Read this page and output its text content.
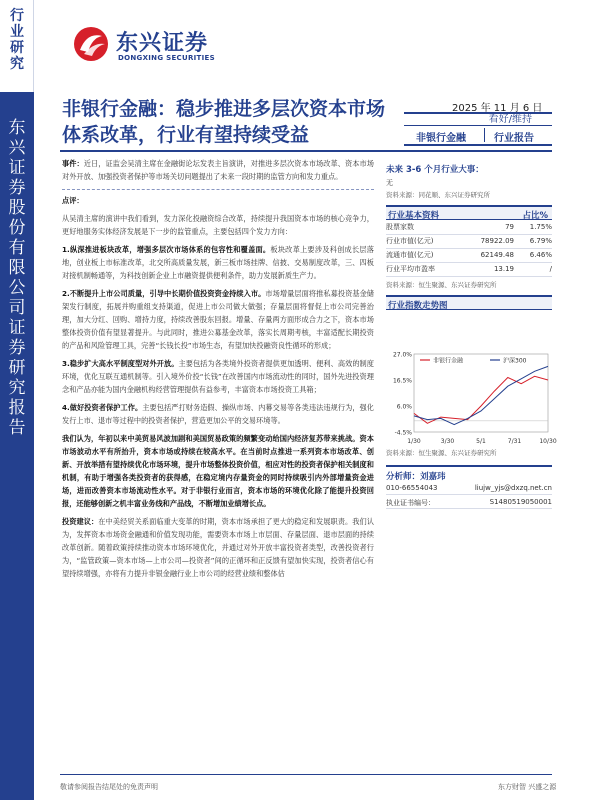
行业研究
东兴证券股份有限公司证券研究报告
东兴证券
DONGXING SECURITIES
非银行金融：稳步推进多层次资本市场体系改革，行业有望持续受益
2025 年 11 月 6 日
看好/维持
非银行金融	行业报告
事件：近日，证监会吴清主席在金融街论坛发表主旨演讲，对推进多层次资本市场改革、资本市场对外开放、加强投资者保护等市场关切问题提出了未来一段时期的监管方向和发力重点。
点评：
从吴清主席的演讲中我们看到，发力深化投融资综合改革，持续提升我国资本市场的核心竞争力，更好地服务实体经济发展是下一步的监管重点，主要包括四个发力方向：
1.纵深推进板块改革，增强多层次市场体系的包容性和覆盖面。板块改革上要涉及科创成长层落地，创业板上市标准改革，北交所高质量发展，新三板市场挂牌、信披、交易制度改革，三、四板对接机制畅通等，为科技创新企业上市融资提供便利条件，助力发展新质生产力。
2.不断提升上市公司质量，引导中长期价值投资资金持续入市。市场增量层面将推私募投资基金储架发行制度，拓展并购重组支持渠道，促进上市公司做大做强；存量层面将督促上市公司完善治理，加大分红、回购、增持力度，持续改善股东回报。增量、存量两方面形成合力之下，资本市场整体投资价值有望显著提升。与此同时，推进公募基金改革，落实长周期考核，丰富适配长期投资的产品和风险管理工具，完善“长钱长投”市场生态，有望加快投融资良性循环的形成；
3.稳步扩大高水平制度型对外开放。主要包括为各类境外投资者提供更加透明、便利、高效的制度环境，优化互联互通机制等。引入境外价投“长钱”在改善国内市场流动性的同时，国外先进投资理念和产品亦能为国内金融机构经营管理提供有益参考，丰富资本市场投资工具箱；
4.做好投资者保护工作。主要包括严打财务造假、操纵市场、内幕交易等各类违法违规行为，强化发行上市、退市等过程中的投资者保护，营造更加公平的交易环境等。
我们认为，年初以来中美贸易风波加剧和美国贸易政策的频繁变动给国内经济复苏带来挑战。资本市场波动水平有所抬升，资本市场或持续在较高水平。在当前时点推进一系列资本市场改革、创新、开放举措有望持续优化市场环境，提升市场整体投资价值，相应对性的投资者保护相关制度和机制，有助于增强各类投资者的获得感，在稳定境内存量资金的同时持续吸引内外部增量资金进场，进而改善资本市场流动性水平。对于非银行业而言，资本市场的环境优化除了能提升投资回报，还能够创新之机丰富业务线和产品线，不断增加业绩增长点。
投资建议：在中美经贸关系面临重大变革的时期，资本市场承担了更大的稳定和发展职责。我们认为，发挥资本市场资金融通和价值发现功能，需要资本市场上市层面、存量层面、退市层面的持续改革创新。随着政策持续推动资本市场环境优化，并通过对外开放丰富投资者类型，改善投资者行为，“监管政策—资本市场—上市公司—投资者”间的正循环和正反馈有望加快实现，投资者信心有望持续增强，亦将有力提升非银金融行业上市公司的经营业绩和整体估
未来 3-6 个月行业大事：
无
资料来源：同花顺、东兴证券研究所
行业基本资料	占比%
股票家数	79	1.75%
行业市值(亿元)	78922.09	6.79%
流通市值(亿元)	62149.48	6.46%
行业平均市盈率	13.19	/
资料来源：恒生聚源、东兴证券研究所
行业指数走势图
27.0%
16.5%
6.0%
-4.5%
1/30	3/30	5/1	7/31	10/30
非银行金融	沪深300
资料来源：恒生聚源、东兴证券研究所
分析师：刘嘉玮
010-66554043	liujw_yjs@dxzq.net.cn
执业证书编号：	S1480519050001
敬请参阅报告结尾处的免责声明	东方财智 兴盛之源
